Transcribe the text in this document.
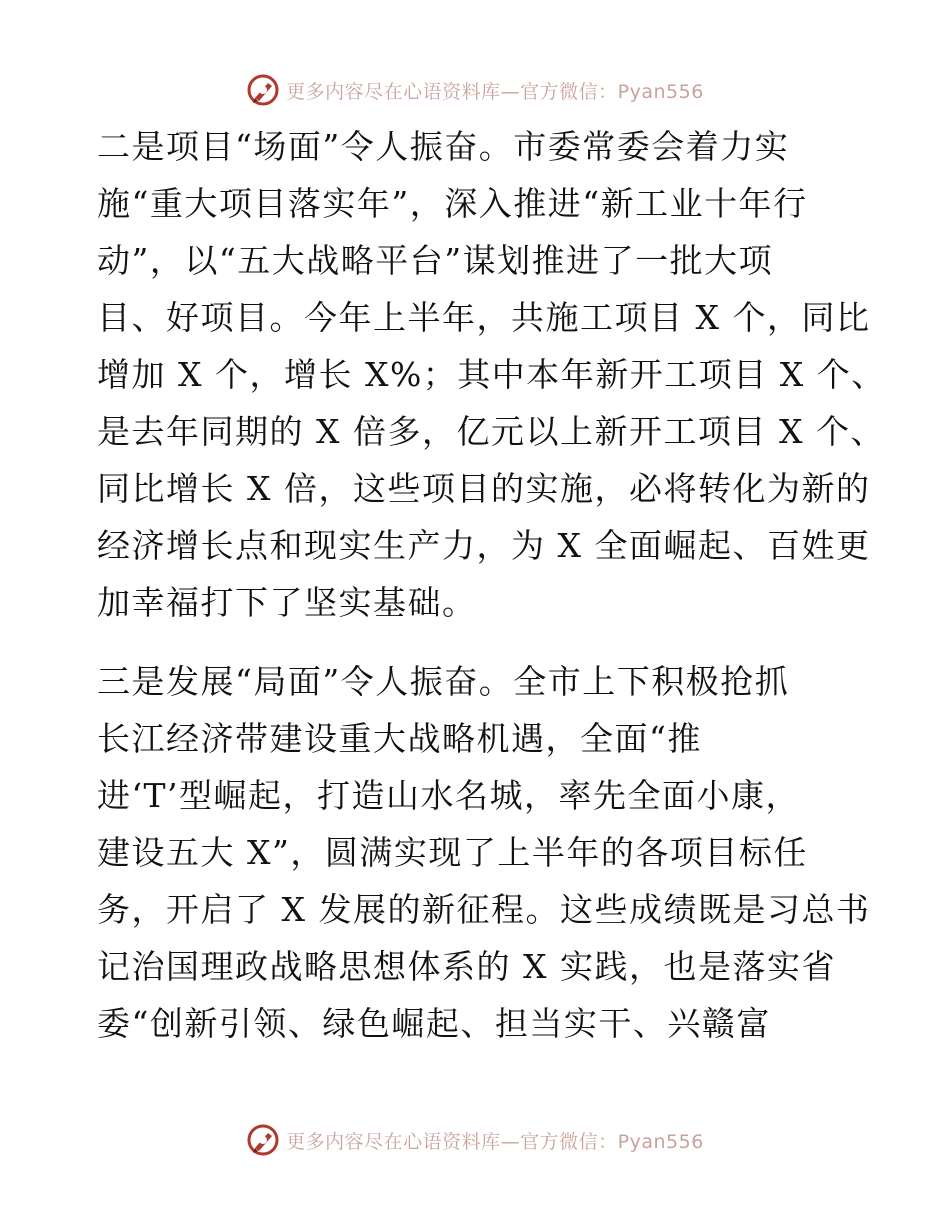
更多内容尽在心语资料库—官方微信：Pyan556
二是项目“场面”令人振奋。市委常委会着力实
施“重大项目落实年”，深入推进“新工业十年行
动”，以“五大战略平台”谋划推进了一批大项
目、好项目。今年上半年，共施工项目 X 个，同比
增加 X 个，增长 X%；其中本年新开工项目 X 个、
是去年同期的 X 倍多，亿元以上新开工项目 X 个、
同比增长 X 倍，这些项目的实施，必将转化为新的
经济增长点和现实生产力，为 X 全面崛起、百姓更
加幸福打下了坚实基础。
三是发展“局面”令人振奋。全市上下积极抢抓
长江经济带建设重大战略机遇，全面“推
进‘T’型崛起，打造山水名城，率先全面小康，
建设五大 X”，圆满实现了上半年的各项目标任
务，开启了 X 发展的新征程。这些成绩既是习总书
记治国理政战略思想体系的 X 实践，也是落实省
委“创新引领、绿色崛起、担当实干、兴赣富
更多内容尽在心语资料库—官方微信：Pyan556
